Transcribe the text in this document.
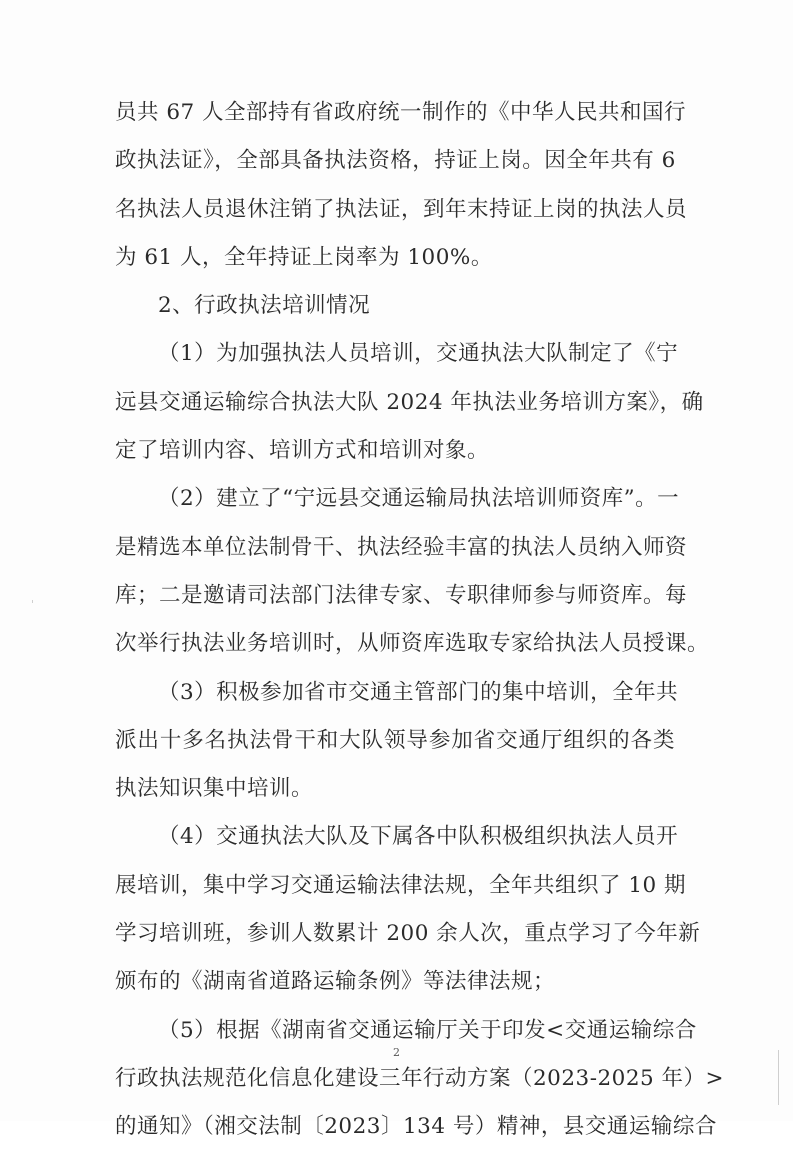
员共 67 人全部持有省政府统一制作的《中华人民共和国行
政执法证》，全部具备执法资格，持证上岗。因全年共有 6
名执法人员退休注销了执法证，到年末持证上岗的执法人员
为 61 人，全年持证上岗率为 100%。
2、行政执法培训情况
（1）为加强执法人员培训，交通执法大队制定了《宁
远县交通运输综合执法大队 2024 年执法业务培训方案》，确
定了培训内容、培训方式和培训对象。
（2）建立了“宁远县交通运输局执法培训师资库”。一
是精选本单位法制骨干、执法经验丰富的执法人员纳入师资
库；二是邀请司法部门法律专家、专职律师参与师资库。每
次举行执法业务培训时，从师资库选取专家给执法人员授课。
（3）积极参加省市交通主管部门的集中培训，全年共
派出十多名执法骨干和大队领导参加省交通厅组织的各类
执法知识集中培训。
（4）交通执法大队及下属各中队积极组织执法人员开
展培训，集中学习交通运输法律法规，全年共组织了 10 期
学习培训班，参训人数累计 200 余人次，重点学习了今年新
颁布的《湖南省道路运输条例》等法律法规；
（5）根据《湖南省交通运输厅关于印发<交通运输综合
行政执法规范化信息化建设三年行动方案（2023-2025 年）>
的通知》（湘交法制〔2023〕134 号）精神，县交通运输综合
2
